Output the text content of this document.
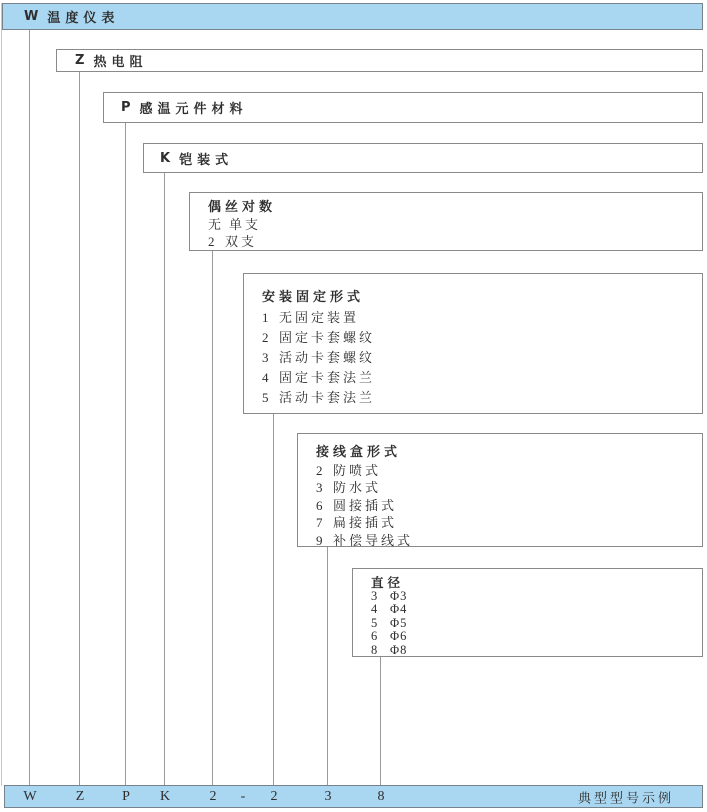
W 温度仪表
Z 热电阻
P 感温元件材料
K 铠装式
偶丝对数
无 单支
2 双支
安装固定形式
1 无固定装置
2 固定卡套螺纹
3 活动卡套螺纹
4 固定卡套法兰
5 活动卡套法兰
接线盒形式
2 防喷式
3 防水式
6 圆接插式
7 扁接插式
9 补偿导线式
直径
3 Φ3
4 Φ4
5 Φ5
6 Φ6
8 Φ8
W	Z	P K	2 - 2	3	8	典型型号示例
